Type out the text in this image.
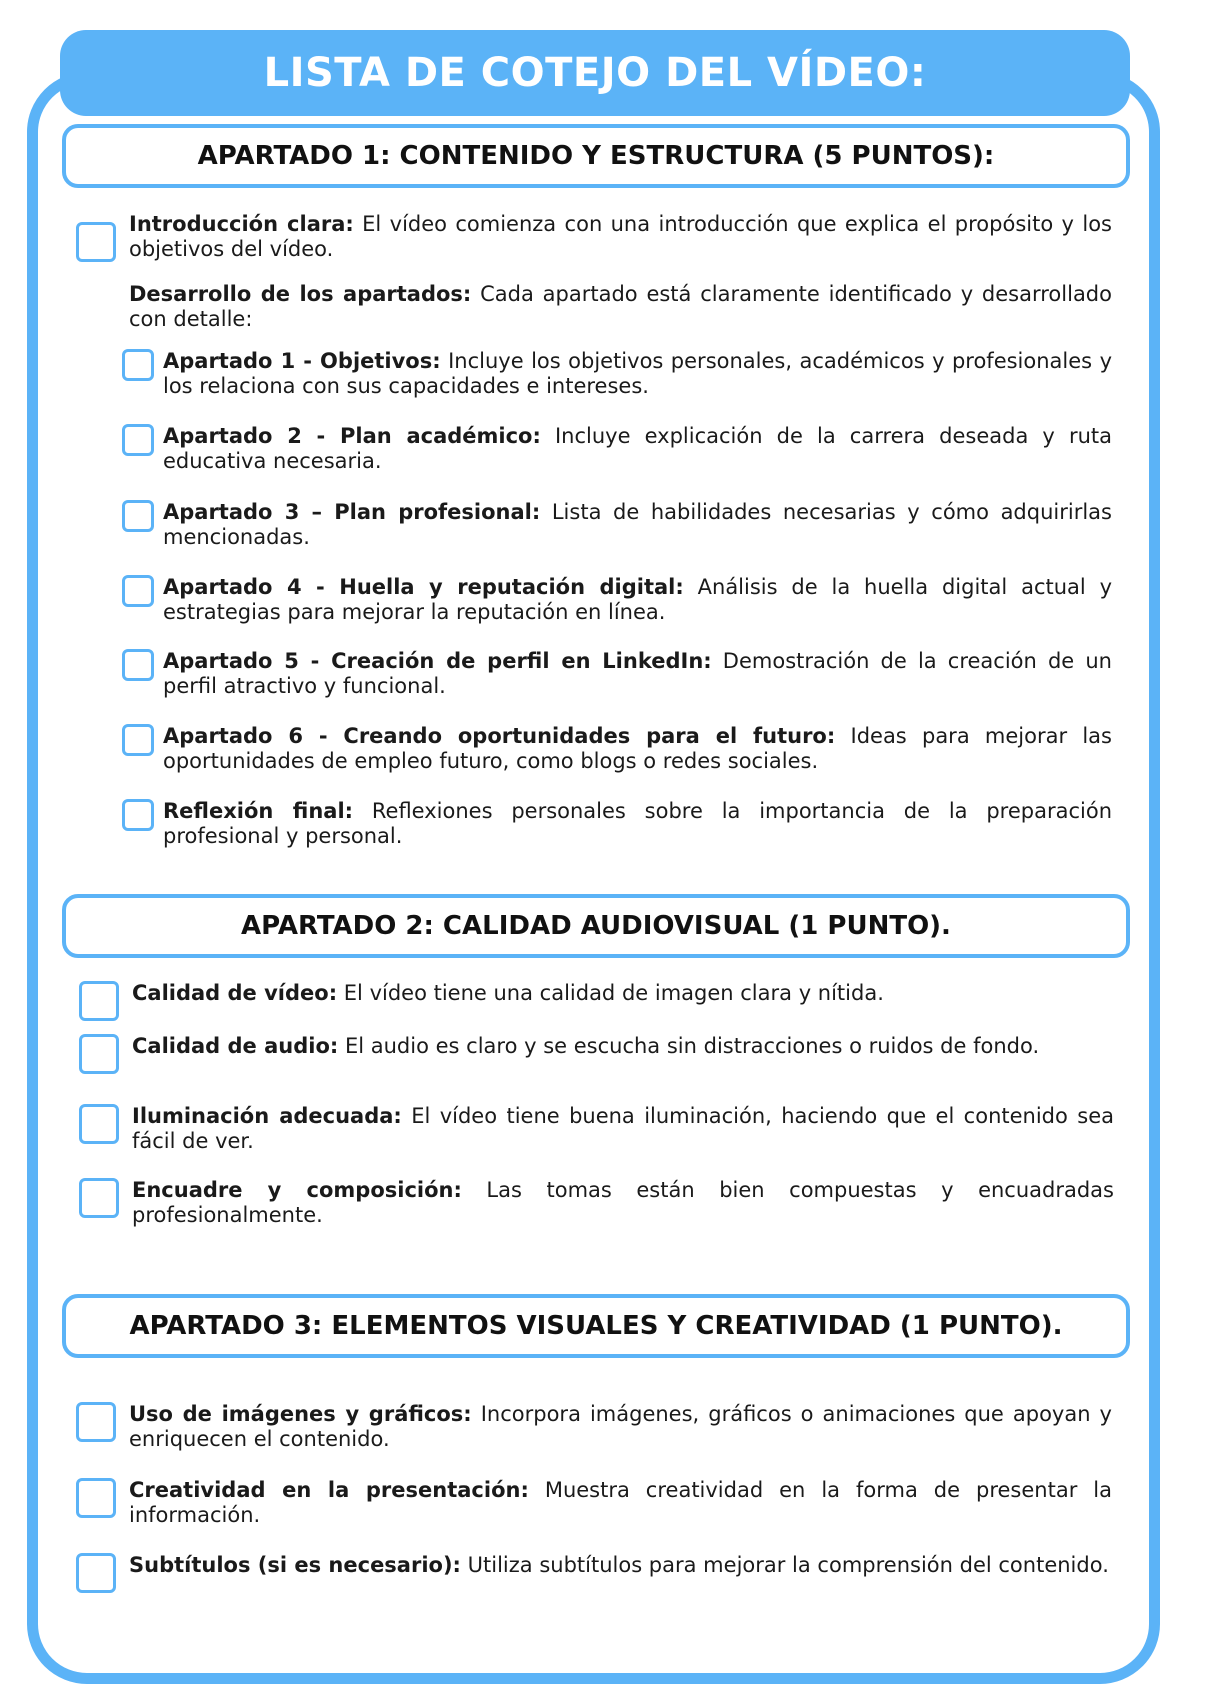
LISTA DE COTEJO DEL VÍDEO:
APARTADO 1: CONTENIDO Y ESTRUCTURA (5 PUNTOS):
Introducción clara: El vídeo comienza con una introducción que explica el propósito y los objetivos del vídeo.
Desarrollo de los apartados: Cada apartado está claramente identificado y desarrollado con detalle:
Apartado 1 - Objetivos: Incluye los objetivos personales, académicos y profesionales y los relaciona con sus capacidades e intereses.
Apartado 2 - Plan académico: Incluye explicación de la carrera deseada y ruta educativa necesaria.
Apartado 3 – Plan profesional: Lista de habilidades necesarias y cómo adquirirlas mencionadas.
Apartado 4 - Huella y reputación digital: Análisis de la huella digital actual y estrategias para mejorar la reputación en línea.
Apartado 5 - Creación de perfil en LinkedIn: Demostración de la creación de un perfil atractivo y funcional.
Apartado 6 - Creando oportunidades para el futuro: Ideas para mejorar las oportunidades de empleo futuro, como blogs o redes sociales.
Reflexión final: Reflexiones personales sobre la importancia de la preparación profesional y personal.
APARTADO 2: CALIDAD AUDIOVISUAL (1 PUNTO).
Calidad de vídeo: El vídeo tiene una calidad de imagen clara y nítida.
Calidad de audio: El audio es claro y se escucha sin distracciones o ruidos de fondo.
Iluminación adecuada: El vídeo tiene buena iluminación, haciendo que el contenido sea fácil de ver.
Encuadre y composición: Las tomas están bien compuestas y encuadradas profesionalmente.
APARTADO 3: ELEMENTOS VISUALES Y CREATIVIDAD (1 PUNTO).
Uso de imágenes y gráficos: Incorpora imágenes, gráficos o animaciones que apoyan y enriquecen el contenido.
Creatividad en la presentación: Muestra creatividad en la forma de presentar la información.
Subtítulos (si es necesario): Utiliza subtítulos para mejorar la comprensión del contenido.
